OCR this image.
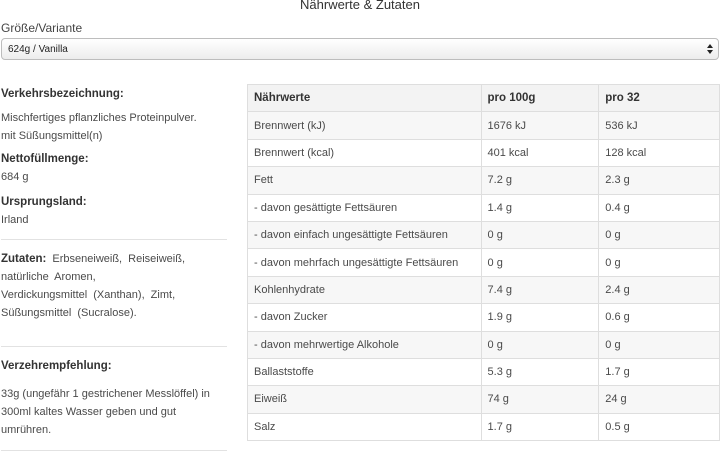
Nährwerte & Zutaten
Größe/Variante
624g / Vanilla
Verkehrsbezeichnung:
Mischfertiges pflanzliches Proteinpulver.
mit Süßungsmittel(n)
Nettofüllmenge:
684 g
Ursprungsland:
Irland
Zutaten: Erbseneiweiß, Reiseiweiß,
natürliche Aromen,
Verdickungsmittel (Xanthan), Zimt,
Süßungsmittel (Sucralose).
Verzehrempfehlung:
33g (ungefähr 1 gestrichener Messlöffel) in
300ml kaltes Wasser geben und gut
umrühren.
Nährwerte	pro 100g	pro 32
Brennwert (kJ)	1676 kJ	536 kJ
Brennwert (kcal)	401 kcal	128 kcal
Fett	7.2 g	2.3 g
- davon gesättigte Fettsäuren	1.4 g	0.4 g
- davon einfach ungesättigte Fettsäuren	0 g	0 g
- davon mehrfach ungesättigte Fettsäuren	0 g	0 g
Kohlenhydrate	7.4 g	2.4 g
- davon Zucker	1.9 g	0.6 g
- davon mehrwertige Alkohole	0 g	0 g
Ballaststoffe	5.3 g	1.7 g
Eiweiß	74 g	24 g
Salz	1.7 g	0.5 g
